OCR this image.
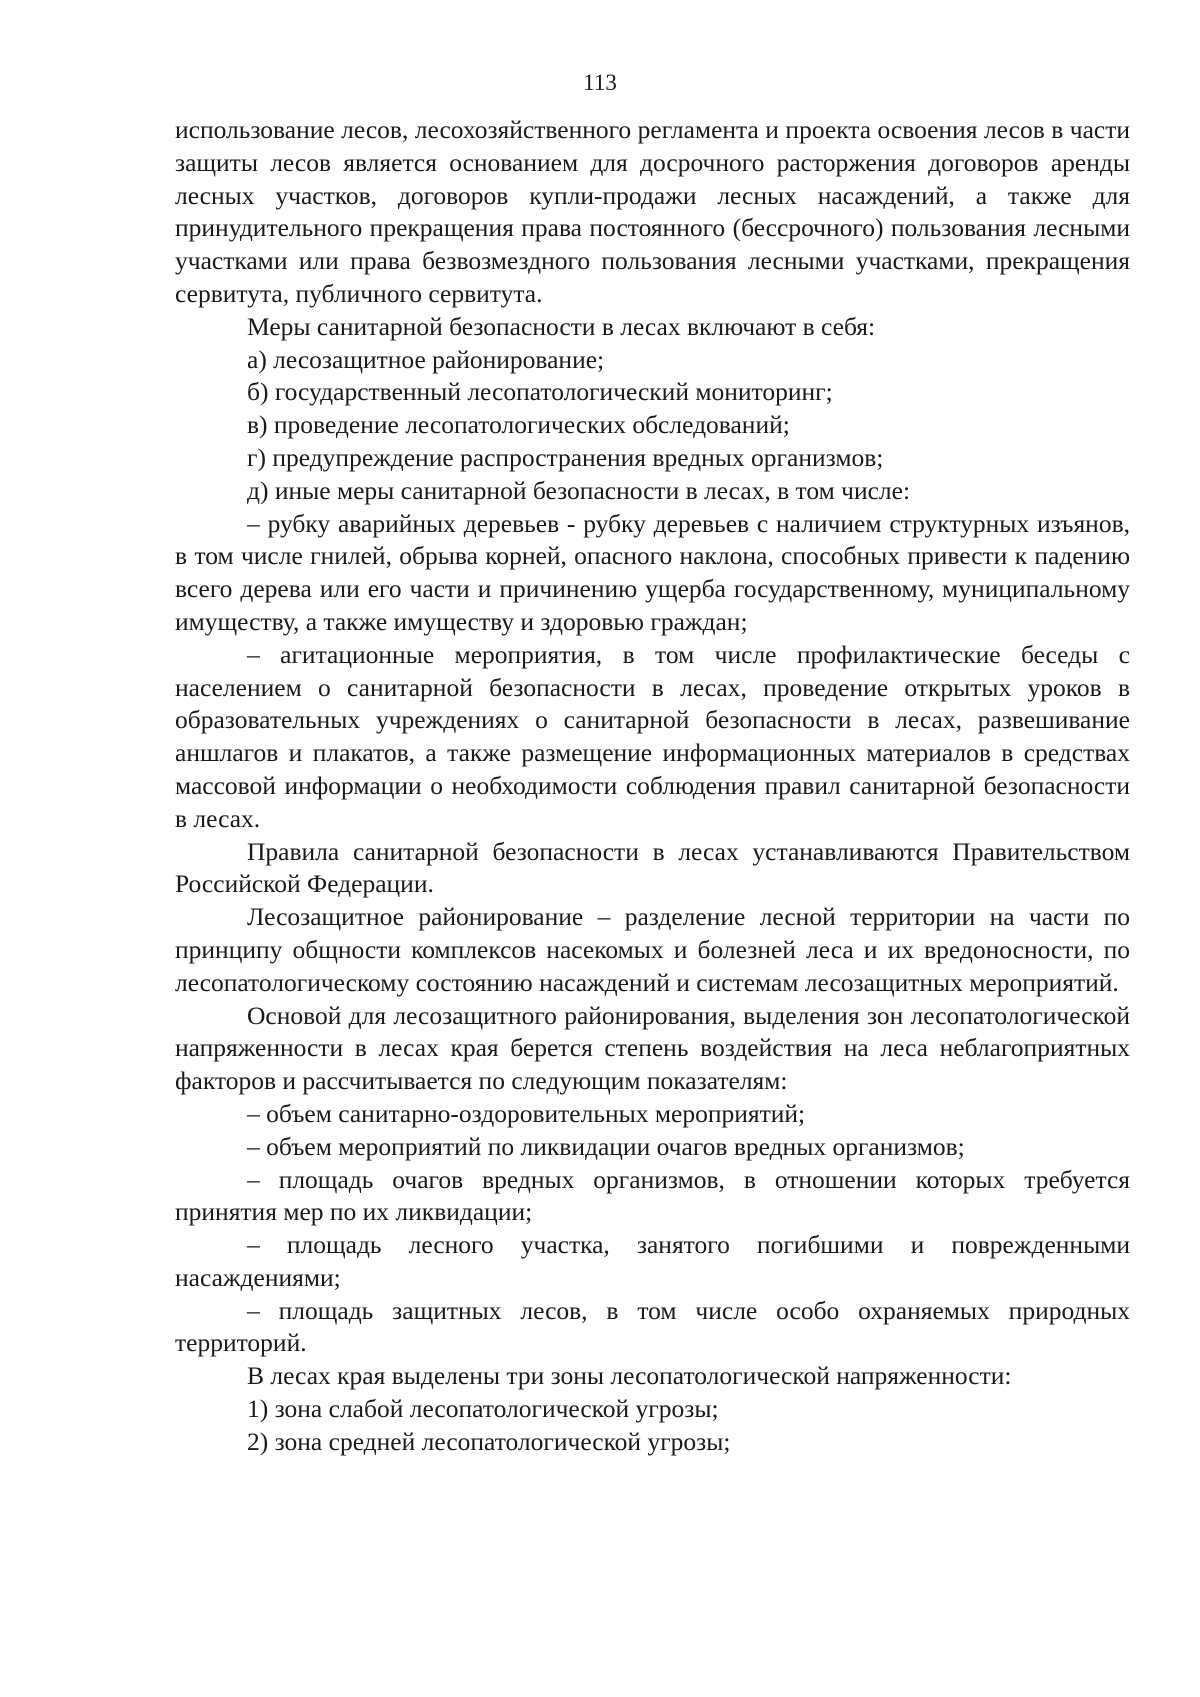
113

использование лесов, лесохозяйственного регламента и проекта освоения лесов в части защиты лесов является основанием для досрочного расторжения договоров аренды лесных участков, договоров купли-продажи лесных насаждений, а также для принудительного прекращения права постоянного (бессрочного) пользования лесными участками или права безвозмездного пользования лесными участками, прекращения сервитута, публичного сервитута.

Меры санитарной безопасности в лесах включают в себя:

а) лесозащитное районирование;

б) государственный лесопатологический мониторинг;

в) проведение лесопатологических обследований;

г) предупреждение распространения вредных организмов;

д) иные меры санитарной безопасности в лесах, в том числе:

– рубку аварийных деревьев - рубку деревьев с наличием структурных изъянов, в том числе гнилей, обрыва корней, опасного наклона, способных привести к падению всего дерева или его части и причинению ущерба государственному, муниципальному имуществу, а также имуществу и здоровью граждан;

– агитационные мероприятия, в том числе профилактические беседы с населением о санитарной безопасности в лесах, проведение открытых уроков в образовательных учреждениях о санитарной безопасности в лесах, развешивание аншлагов и плакатов, а также размещение информационных материалов в средствах массовой информации о необходимости соблюдения правил санитарной безопасности в лесах.

Правила санитарной безопасности в лесах устанавливаются Правительством Российской Федерации.

Лесозащитное районирование – разделение лесной территории на части по принципу общности комплексов насекомых и болезней леса и их вредоносности, по лесопатологическому состоянию насаждений и системам лесозащитных мероприятий.

Основой для лесозащитного районирования, выделения зон лесопатологической напряженности в лесах края берется степень воздействия на леса неблагоприятных факторов и рассчитывается по следующим показателям:

– объем санитарно-оздоровительных мероприятий;

– объем мероприятий по ликвидации очагов вредных организмов;

– площадь очагов вредных организмов, в отношении которых требуется принятия мер по их ликвидации;

– площадь лесного участка, занятого погибшими и поврежденными насаждениями;

– площадь защитных лесов, в том числе особо охраняемых природных территорий.

В лесах края выделены три зоны лесопатологической напряженности:

1) зона слабой лесопатологической угрозы;

2) зона средней лесопатологической угрозы;
